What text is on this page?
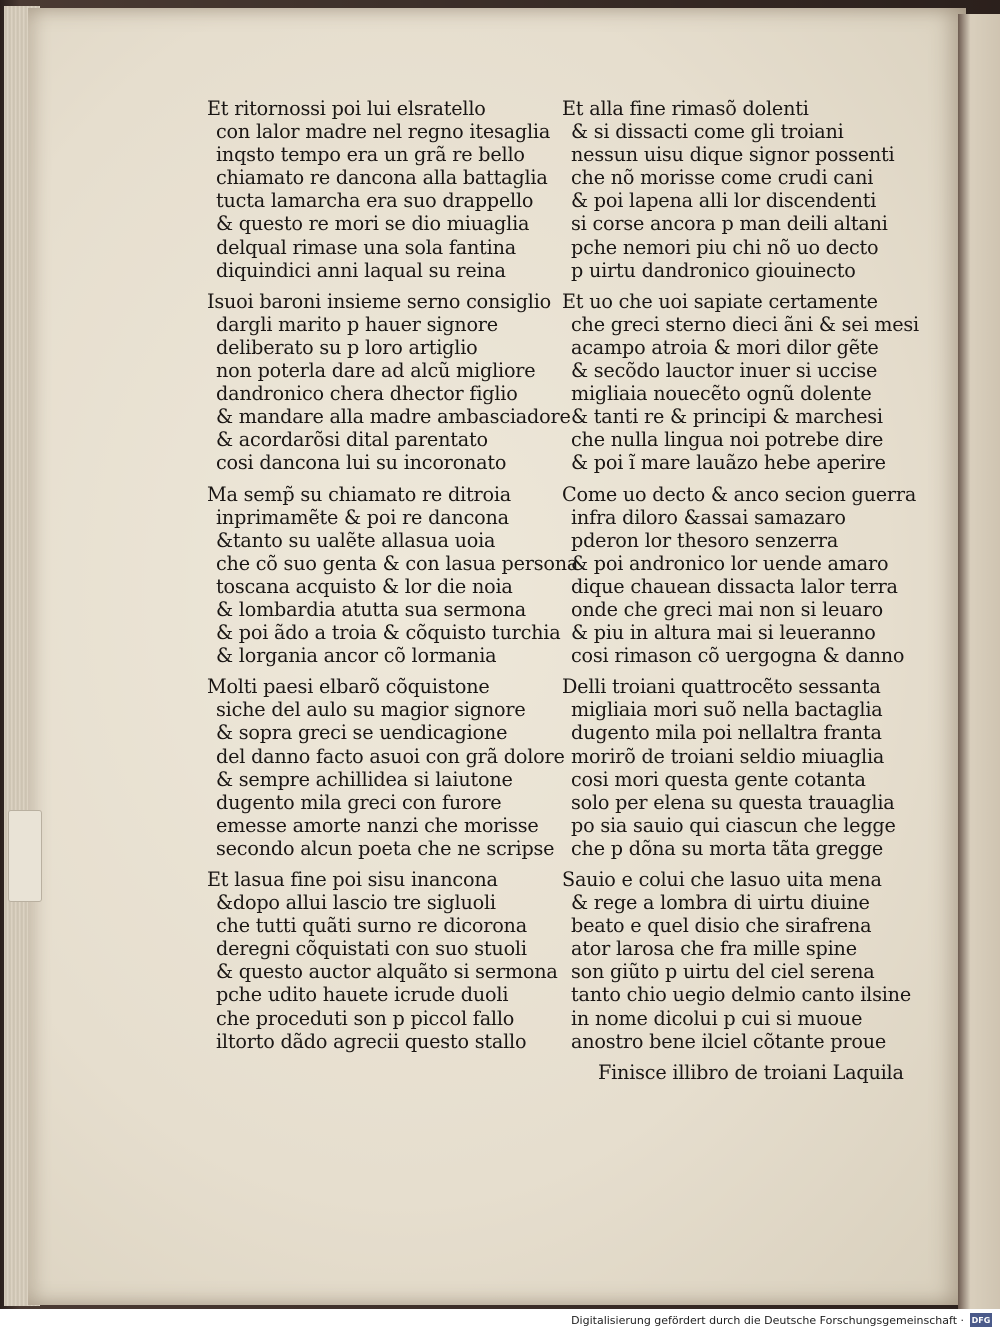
Et ritornossi poi lui elsratello
con lalor madre nel regno itesaglia
inqsto tempo era un grã re bello
chiamato re dancona alla battaglia
tucta lamarcha era suo drappello
& questo re mori se dio miuaglia
delqual rimase una sola fantina
diquindici anni laqual su reina
Isuoi baroni insieme serno consiglio
dargli marito p hauer signore
deliberato su p loro artiglio
non poterla dare ad alcũ migliore
dandronico chera dhector figlio
& mandare alla madre ambasciadore
& acordarõsi dital parentato
cosi dancona lui su incoronato
Ma semp̃ su chiamato re ditroia
inprimamẽte & poi re dancona
&tanto su ualẽte allasua uoia
che cõ suo genta & con lasua persona
toscana acquisto & lor die noia
& lombardia atutta sua sermona
& poi ãdo a troia & cõquisto turchia
& lorgania ancor cõ lormania
Molti paesi elbarõ cõquistone
siche del aulo su magior signore
& sopra greci se uendicagione
del danno facto asuoi con grã dolore
& sempre achillidea si laiutone
dugento mila greci con furore
emesse amorte nanzi che morisse
secondo alcun poeta che ne scripse
Et lasua fine poi sisu inancona
&dopo allui lascio tre sigluoli
che tutti quãti surno re dicorona
deregni cõquistati con suo stuoli
& questo auctor alquãto si sermona
pche udito hauete icrude duoli
che proceduti son p piccol fallo
iltorto dãdo agrecii questo stallo
Et alla fine rimasõ dolenti
& si dissacti come gli troiani
nessun uisu dique signor possenti
che nõ morisse come crudi cani
& poi lapena alli lor discendenti
si corse ancora p man deili altani
pche nemori piu chi nõ uo decto
p uirtu dandronico giouinecto
Et uo che uoi sapiate certamente
che greci sterno dieci ãni & sei mesi
acampo atroia & mori dilor gẽte
& secõdo lauctor inuer si uccise
migliaia nouecẽto ognũ dolente
& tanti re & principi & marchesi
che nulla lingua noi potrebe dire
& poi ĩ mare lauãzo hebe aperire
Come uo decto & anco secion guerra
infra diloro &assai samazaro
pderon lor thesoro senzerra
& poi andronico lor uende amaro
dique chauean dissacta lalor terra
onde che greci mai non si leuaro
& piu in altura mai si leueranno
cosi rimason cõ uergogna & danno
Delli troiani quattrocẽto sessanta
migliaia mori suõ nella bactaglia
dugento mila poi nellaltra franta
morirõ de troiani seldio miuaglia
cosi mori questa gente cotanta
solo per elena su questa trauaglia
po sia sauio qui ciascun che legge
che p dõna su morta tãta gregge
Sauio e colui che lasuo uita mena
& rege a lombra di uirtu diuine
beato e quel disio che sirafrena
ator larosa che fra mille spine
son giũto p uirtu del ciel serena
tanto chio uegio delmio canto ilsine
in nome dicolui p cui si muoue
anostro bene ilciel cõtante proue
Finisce illibro de troiani Laquila
Digitalisierung gefördert durch die Deutsche Forschungsgemeinschaft · DFG
